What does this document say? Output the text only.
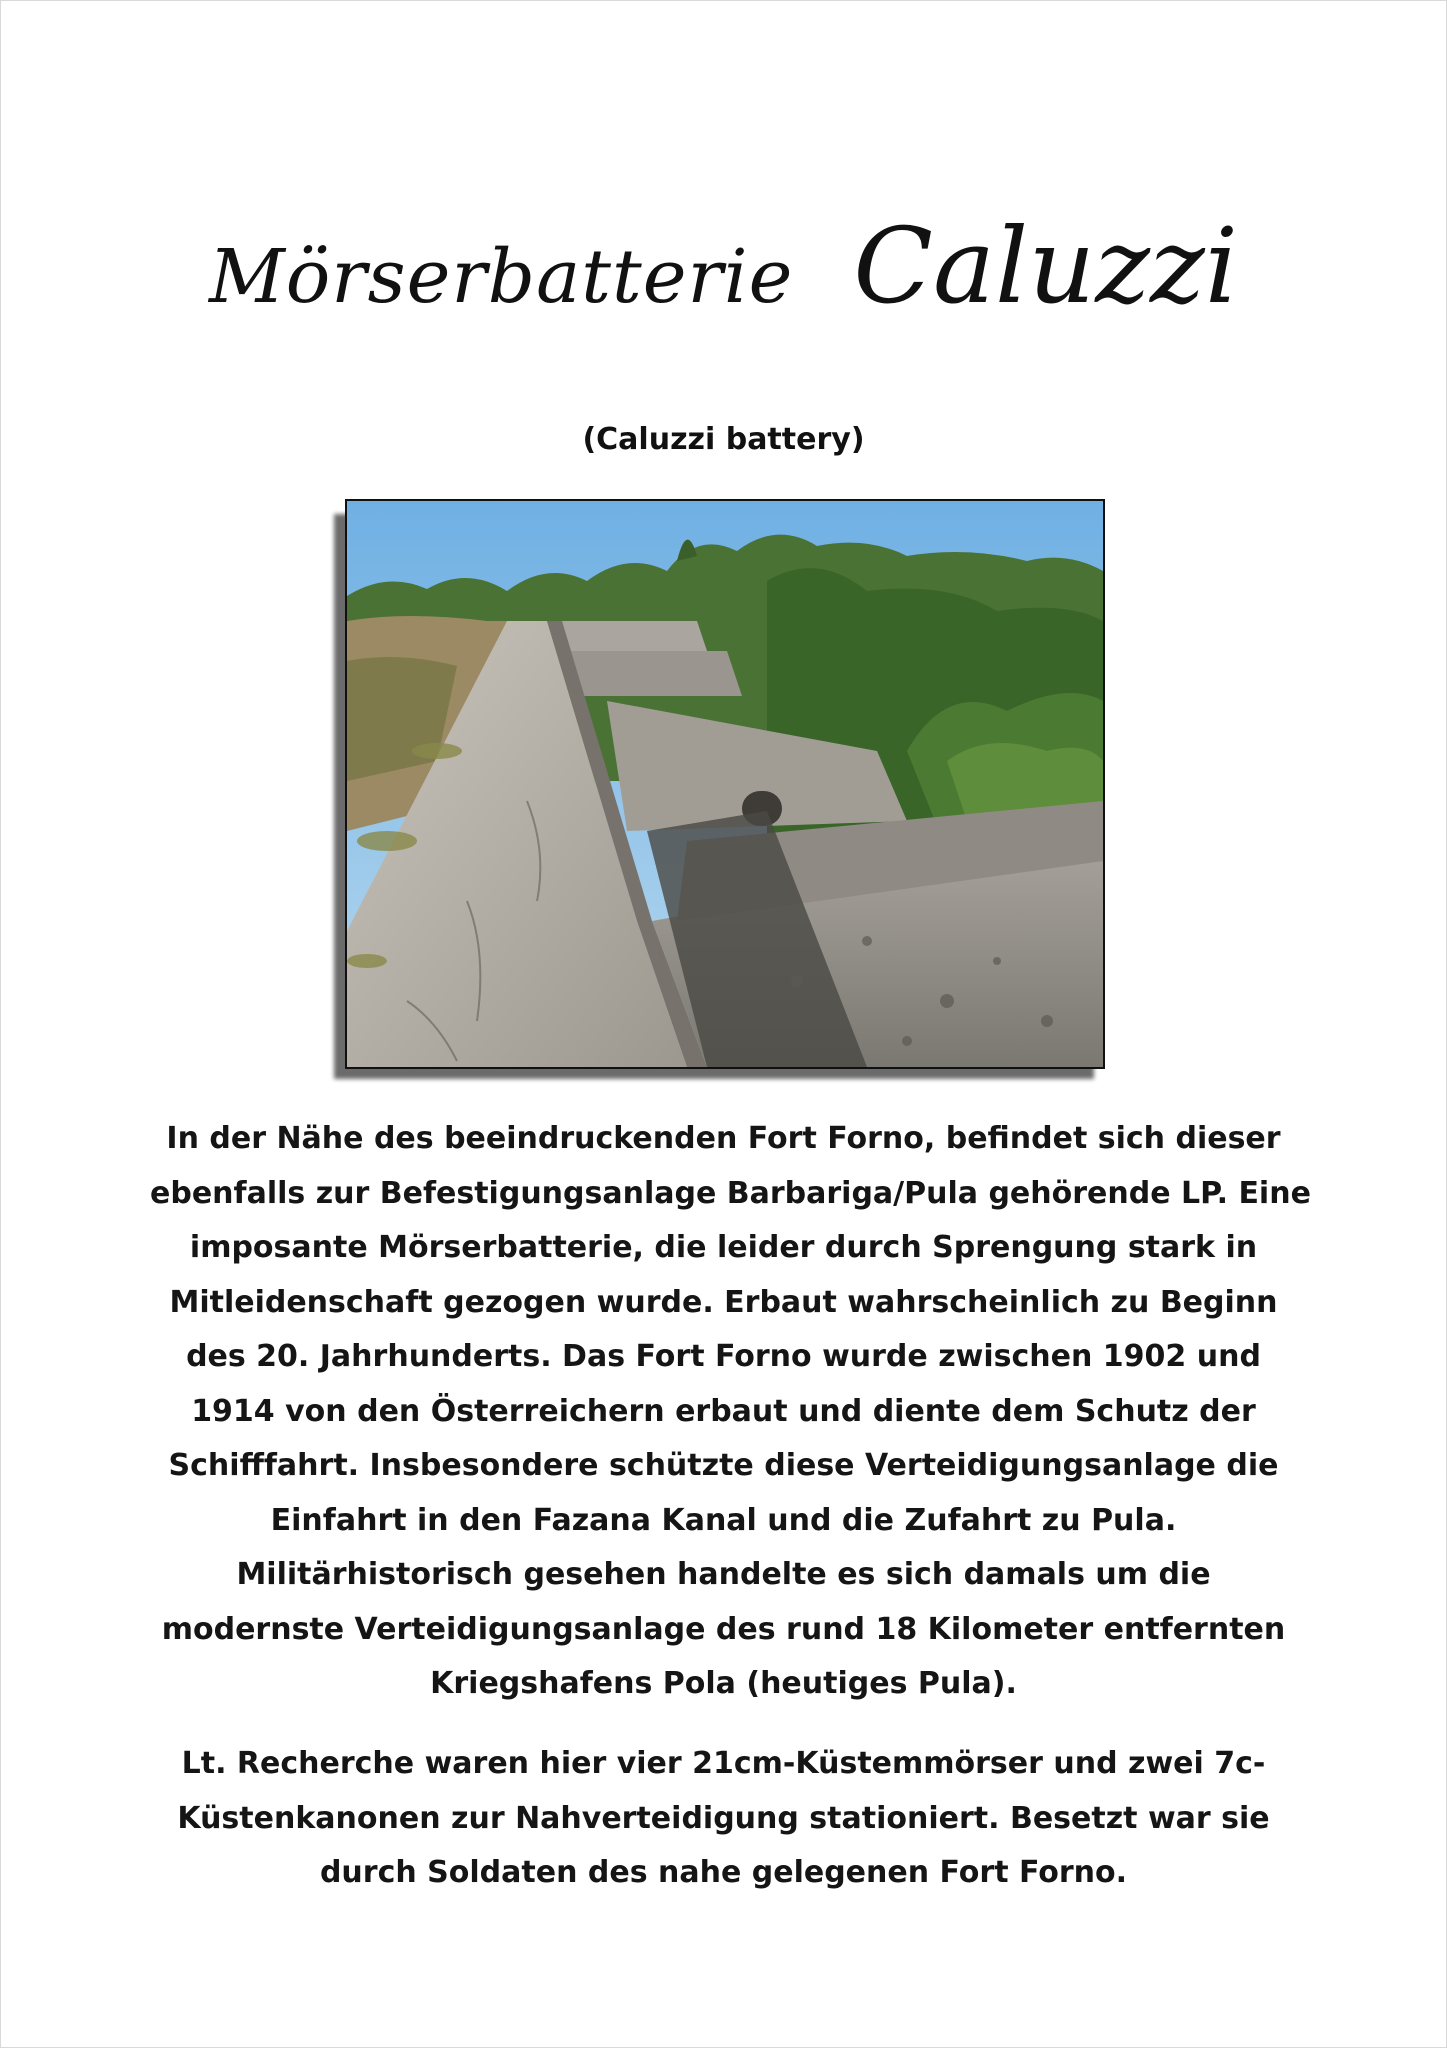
Mörserbatterie Caluzzi
(Caluzzi battery)
In der Nähe des beeindruckenden Fort Forno, befindet sich dieser
ebenfalls zur Befestigungsanlage Barbariga/Pula gehörende LP. Eine
imposante Mörserbatterie, die leider durch Sprengung stark in
Mitleidenschaft gezogen wurde. Erbaut wahrscheinlich zu Beginn
des 20. Jahrhunderts. Das Fort Forno wurde zwischen 1902 und
1914 von den Österreichern erbaut und diente dem Schutz der
Schifffahrt. Insbesondere schützte diese Verteidigungsanlage die
Einfahrt in den Fazana Kanal und die Zufahrt zu Pula.
Militärhistorisch gesehen handelte es sich damals um die
modernste Verteidigungsanlage des rund 18 Kilometer entfernten
Kriegshafens Pola (heutiges Pula).
Lt. Recherche waren hier vier 21cm-Küstemmörser und zwei 7c-
Küstenkanonen zur Nahverteidigung stationiert. Besetzt war sie
durch Soldaten des nahe gelegenen Fort Forno.
